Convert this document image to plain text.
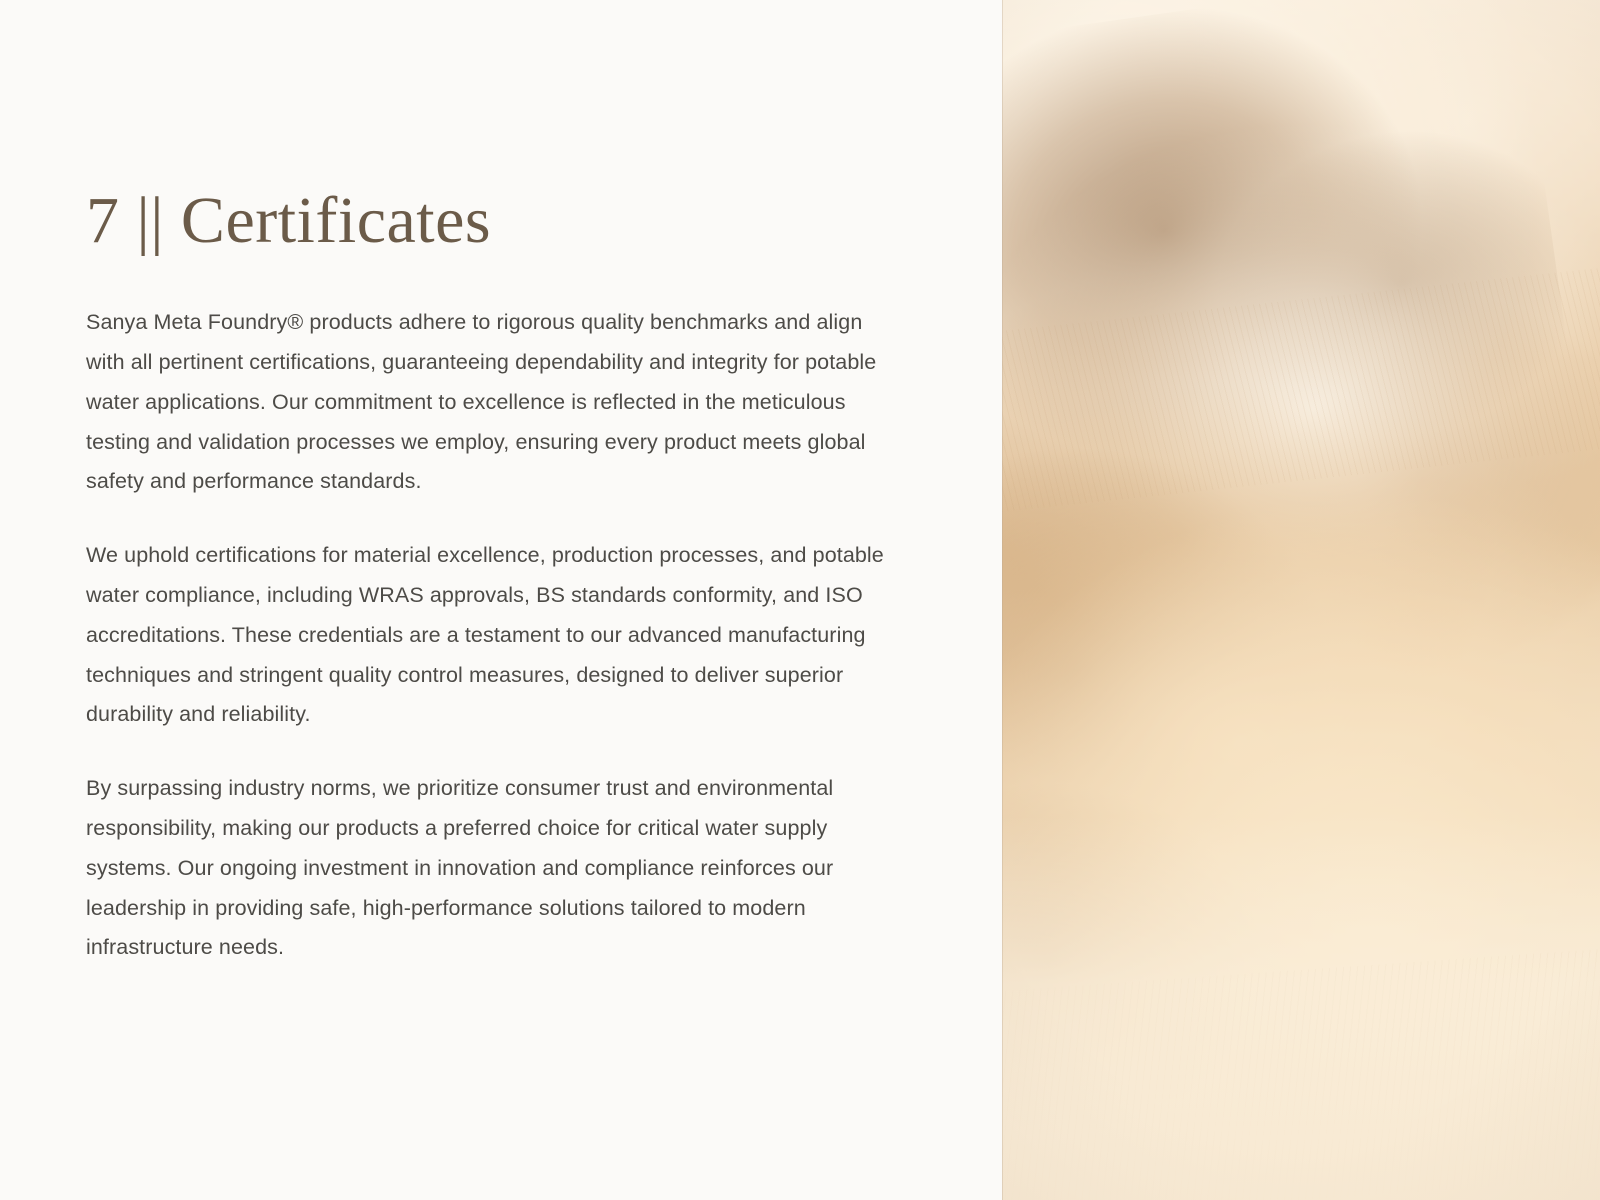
7 || Certificates

Sanya Meta Foundry® products adhere to rigorous quality benchmarks and align with all pertinent certifications, guaranteeing dependability and integrity for potable water applications. Our commitment to excellence is reflected in the meticulous testing and validation processes we employ, ensuring every product meets global safety and performance standards.

We uphold certifications for material excellence, production processes, and potable water compliance, including WRAS approvals, BS standards conformity, and ISO accreditations. These credentials are a testament to our advanced manufacturing techniques and stringent quality control measures, designed to deliver superior durability and reliability.

By surpassing industry norms, we prioritize consumer trust and environmental responsibility, making our products a preferred choice for critical water supply systems. Our ongoing investment in innovation and compliance reinforces our leadership in providing safe, high-performance solutions tailored to modern infrastructure needs.
